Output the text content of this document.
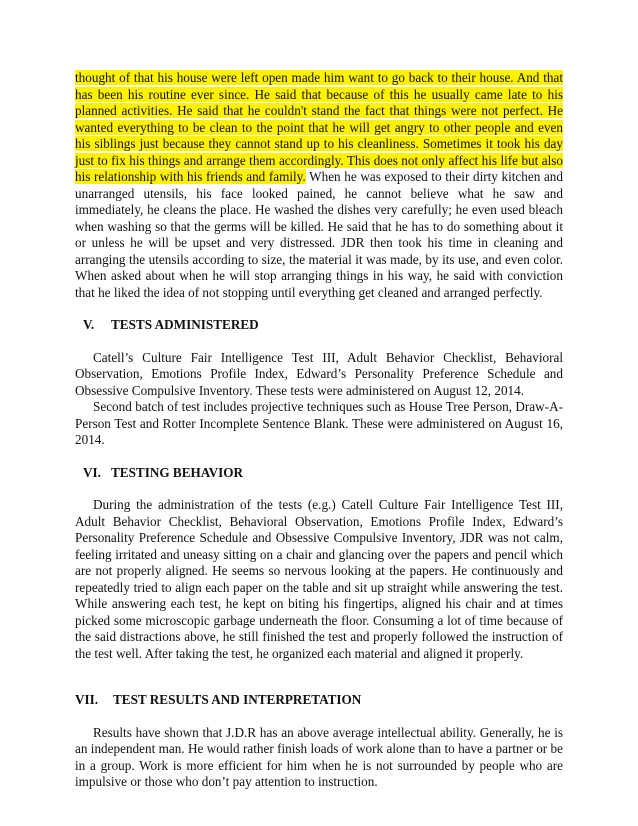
thought of that his house were left open made him want to go back to their house. And that has been his routine ever since. He said that because of this he usually came late to his planned activities. He said that he couldn't stand the fact that things were not perfect. He wanted everything to be clean to the point that he will get angry to other people and even his siblings just because they cannot stand up to his cleanliness. Sometimes it took his day just to fix his things and arrange them accordingly. This does not only affect his life but also his relationship with his friends and family. When he was exposed to their dirty kitchen and unarranged utensils, his face looked pained, he cannot believe what he saw and immediately, he cleans the place. He washed the dishes very carefully; he even used bleach when washing so that the germs will be killed. He said that he has to do something about it or unless he will be upset and very distressed. JDR then took his time in cleaning and arranging the utensils according to size, the material it was made, by its use, and even color. When asked about when he will stop arranging things in his way, he said with conviction that he liked the idea of not stopping until everything get cleaned and arranged perfectly.

V.	TESTS ADMINISTERED

Catell’s Culture Fair Intelligence Test III, Adult Behavior Checklist, Behavioral Observation, Emotions Profile Index, Edward’s Personality Preference Schedule and Obsessive Compulsive Inventory. These tests were administered on August 12, 2014.

Second batch of test includes projective techniques such as House Tree Person, Draw-A-Person Test and Rotter Incomplete Sentence Blank. These were administered on August 16, 2014.

VI. TESTING BEHAVIOR

During the administration of the tests (e.g.) Catell Culture Fair Intelligence Test III, Adult Behavior Checklist, Behavioral Observation, Emotions Profile Index, Edward’s Personality Preference Schedule and Obsessive Compulsive Inventory, JDR was not calm, feeling irritated and uneasy sitting on a chair and glancing over the papers and pencil which are not properly aligned. He seems so nervous looking at the papers. He continuously and repeatedly tried to align each paper on the table and sit up straight while answering the test. While answering each test, he kept on biting his fingertips, aligned his chair and at times picked some microscopic garbage underneath the floor. Consuming a lot of time because of the said distractions above, he still finished the test and properly followed the instruction of the test well. After taking the test, he organized each material and aligned it properly.

VII.	TEST RESULTS AND INTERPRETATION

Results have shown that J.D.R has an above average intellectual ability. Generally, he is an independent man. He would rather finish loads of work alone than to have a partner or be in a group. Work is more efficient for him when he is not surrounded by people who are impulsive or those who don’t pay attention to instruction.
